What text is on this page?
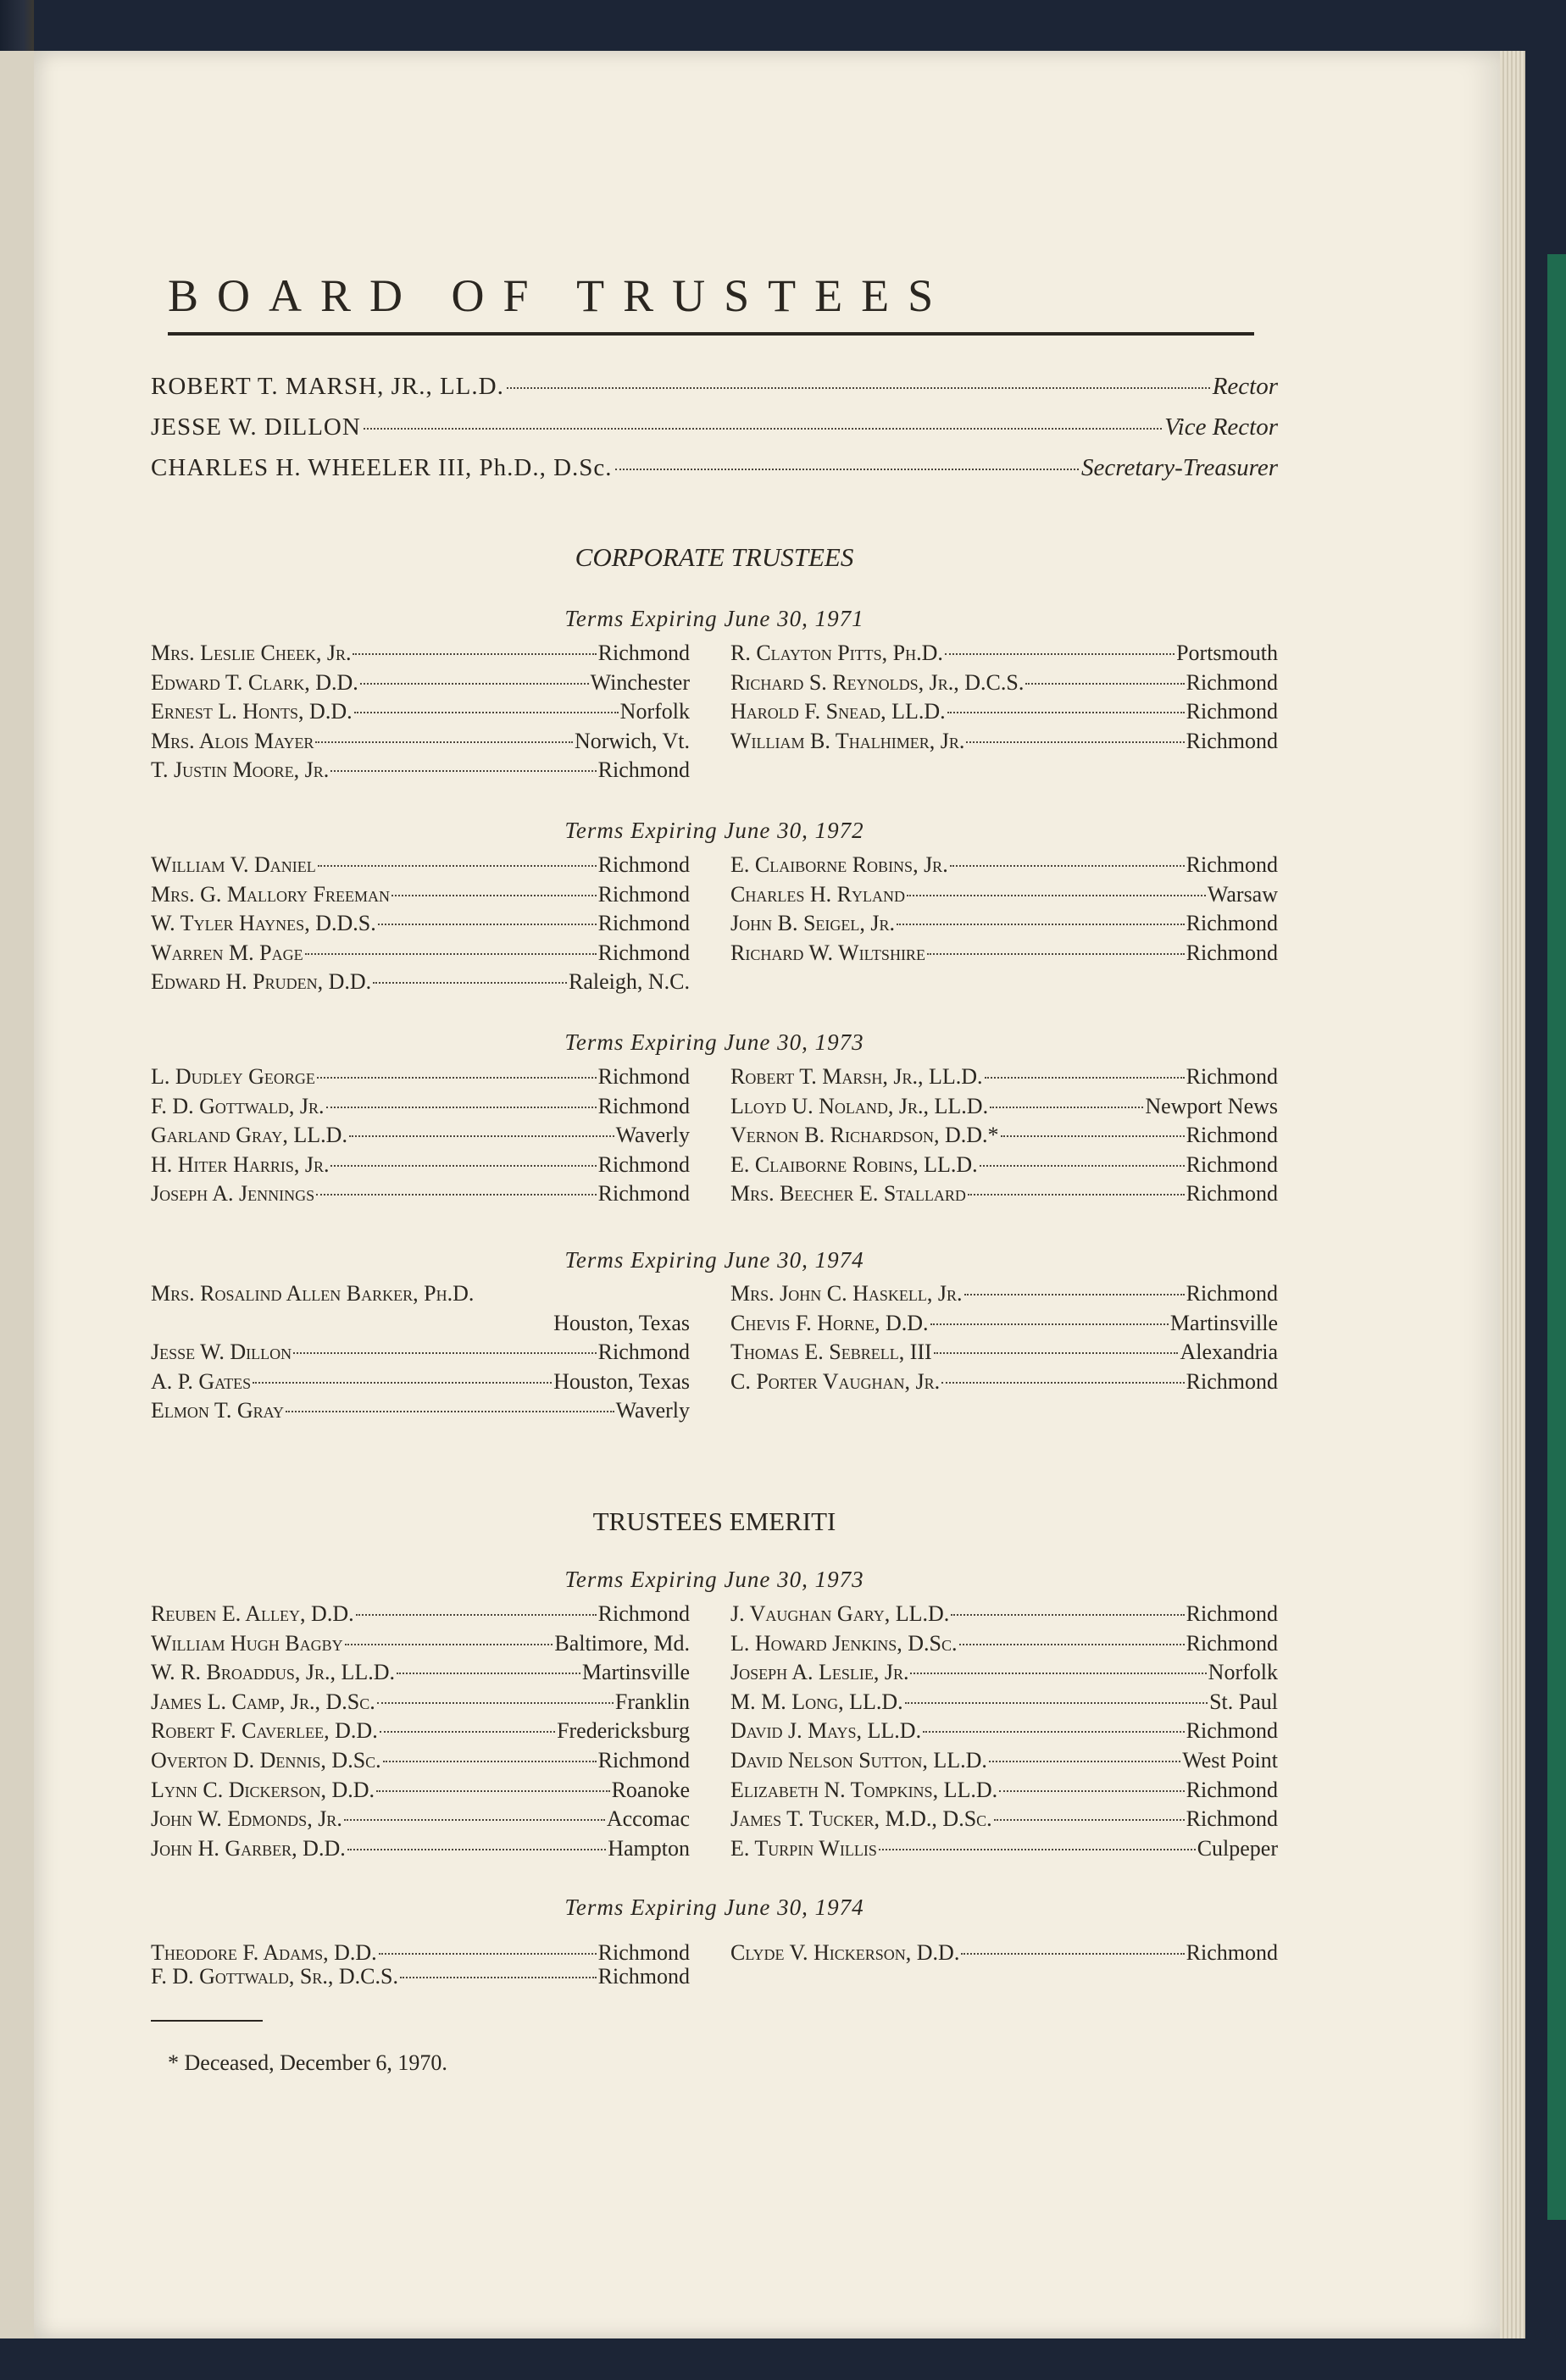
BOARD OF TRUSTEES
ROBERT T. MARSH, JR., LL.D.	Rector
JESSE W. DILLON	Vice Rector
CHARLES H. WHEELER III, Ph.D., D.Sc.	Secretary-Treasurer
CORPORATE TRUSTEES
Terms Expiring June 30, 1971
Mrs. Leslie Cheek, Jr.	Richmond
Edward T. Clark, D.D.	Winchester
Ernest L. Honts, D.D.	Norfolk
Mrs. Alois Mayer	Norwich, Vt.
T. Justin Moore, Jr.	Richmond
R. Clayton Pitts, Ph.D.	Portsmouth
Richard S. Reynolds, Jr., D.C.S.	Richmond
Harold F. Snead, LL.D.	Richmond
William B. Thalhimer, Jr.	Richmond
Terms Expiring June 30, 1972
William V. Daniel	Richmond
Mrs. G. Mallory Freeman	Richmond
W. Tyler Haynes, D.D.S.	Richmond
Warren M. Page	Richmond
Edward H. Pruden, D.D.	Raleigh, N.C.
E. Claiborne Robins, Jr.	Richmond
Charles H. Ryland	Warsaw
John B. Seigel, Jr.	Richmond
Richard W. Wiltshire	Richmond
Terms Expiring June 30, 1973
L. Dudley George	Richmond
F. D. Gottwald, Jr.	Richmond
Garland Gray, LL.D.	Waverly
H. Hiter Harris, Jr.	Richmond
Joseph A. Jennings	Richmond
Robert T. Marsh, Jr., LL.D.	Richmond
Lloyd U. Noland, Jr., LL.D.	Newport News
Vernon B. Richardson, D.D.*	Richmond
E. Claiborne Robins, LL.D.	Richmond
Mrs. Beecher E. Stallard	Richmond
Terms Expiring June 30, 1974
Mrs. Rosalind Allen Barker, Ph.D.
Houston, Texas
Jesse W. Dillon	Richmond
A. P. Gates	Houston, Texas
Elmon T. Gray	Waverly
Mrs. John C. Haskell, Jr.	Richmond
Chevis F. Horne, D.D.	Martinsville
Thomas E. Sebrell, III	Alexandria
C. Porter Vaughan, Jr.	Richmond
TRUSTEES EMERITI
Terms Expiring June 30, 1973
Reuben E. Alley, D.D.	Richmond
William Hugh Bagby	Baltimore, Md.
W. R. Broaddus, Jr., LL.D.	Martinsville
James L. Camp, Jr., D.Sc.	Franklin
Robert F. Caverlee, D.D.	Fredericksburg
Overton D. Dennis, D.Sc.	Richmond
Lynn C. Dickerson, D.D.	Roanoke
John W. Edmonds, Jr.	Accomac
John H. Garber, D.D.	Hampton
J. Vaughan Gary, LL.D.	Richmond
L. Howard Jenkins, D.Sc.	Richmond
Joseph A. Leslie, Jr.	Norfolk
M. M. Long, LL.D.	St. Paul
David J. Mays, LL.D.	Richmond
David Nelson Sutton, LL.D.	West Point
Elizabeth N. Tompkins, LL.D.	Richmond
James T. Tucker, M.D., D.Sc.	Richmond
E. Turpin Willis	Culpeper
Terms Expiring June 30, 1974
Theodore F. Adams, D.D.	Richmond
F. D. Gottwald, Sr., D.C.S.	Richmond
Clyde V. Hickerson, D.D.	Richmond
* Deceased, December 6, 1970.
